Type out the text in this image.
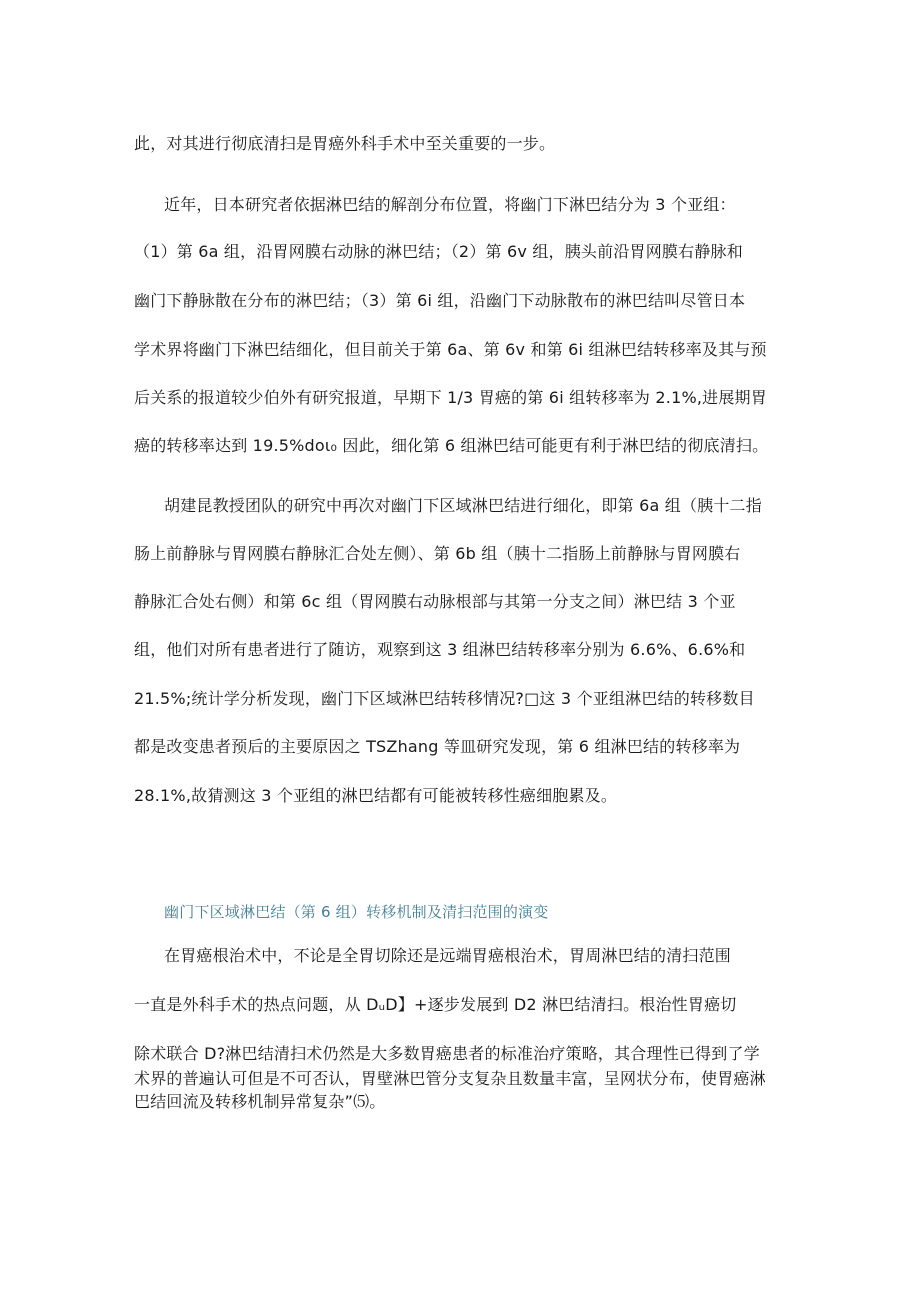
此，对其进行彻底清扫是胃癌外科手术中至关重要的一步。
近年，日本研究者依据淋巴结的解剖分布位置，将幽门下淋巴结分为 3 个亚组：
（1）第 6a 组，沿胃网膜右动脉的淋巴结；（2）第 6v 组，胰头前沿胃网膜右静脉和
幽门下静脉散在分布的淋巴结；（3）第 6i 组，沿幽门下动脉散布的淋巴结叫尽管日本
学术界将幽门下淋巴结细化，但目前关于第 6a、第 6v 和第 6i 组淋巴结转移率及其与预
后关系的报道较少伯外有研究报道，早期下 1/3 胃癌的第 6i 组转移率为 2.1%,进展期胃
癌的转移率达到 19.5%doι₀ 因此，细化第 6 组淋巴结可能更有利于淋巴结的彻底清扫。
胡建昆教授团队的研究中再次对幽门下区域淋巴结进行细化，即第 6a 组（胰十二指
肠上前静脉与胃网膜右静脉汇合处左侧）、第 6b 组（胰十二指肠上前静脉与胃网膜右
静脉汇合处右侧）和第 6c 组（胃网膜右动脉根部与其第一分支之间）淋巴结 3 个亚
组，他们对所有患者进行了随访，观察到这 3 组淋巴结转移率分别为 6.6%、6.6%和
21.5%;统计学分析发现，幽门下区域淋巴结转移情况?□这 3 个亚组淋巴结的转移数目
都是改变患者预后的主要原因之 TSZhang 等皿研究发现，第 6 组淋巴结的转移率为
28.1%,故猜测这 3 个亚组的淋巴结都有可能被转移性癌细胞累及。
幽门下区域淋巴结（第 6 组）转移机制及清扫范围的演变
在胃癌根治术中，不论是全胃切除还是远端胃癌根治术，胃周淋巴结的清扫范围
一直是外科手术的热点问题，从 DᵤD】+逐步发展到 D2 淋巴结清扫。根治性胃癌切
除术联合 D?淋巴结清扫术仍然是大多数胃癌患者的标准治疗策略，其合理性已得到了学
术界的普遍认可但是不可否认，胃壁淋巴管分支复杂且数量丰富，呈网状分布，使胃癌淋
巴结回流及转移机制异常复杂”⑸。
